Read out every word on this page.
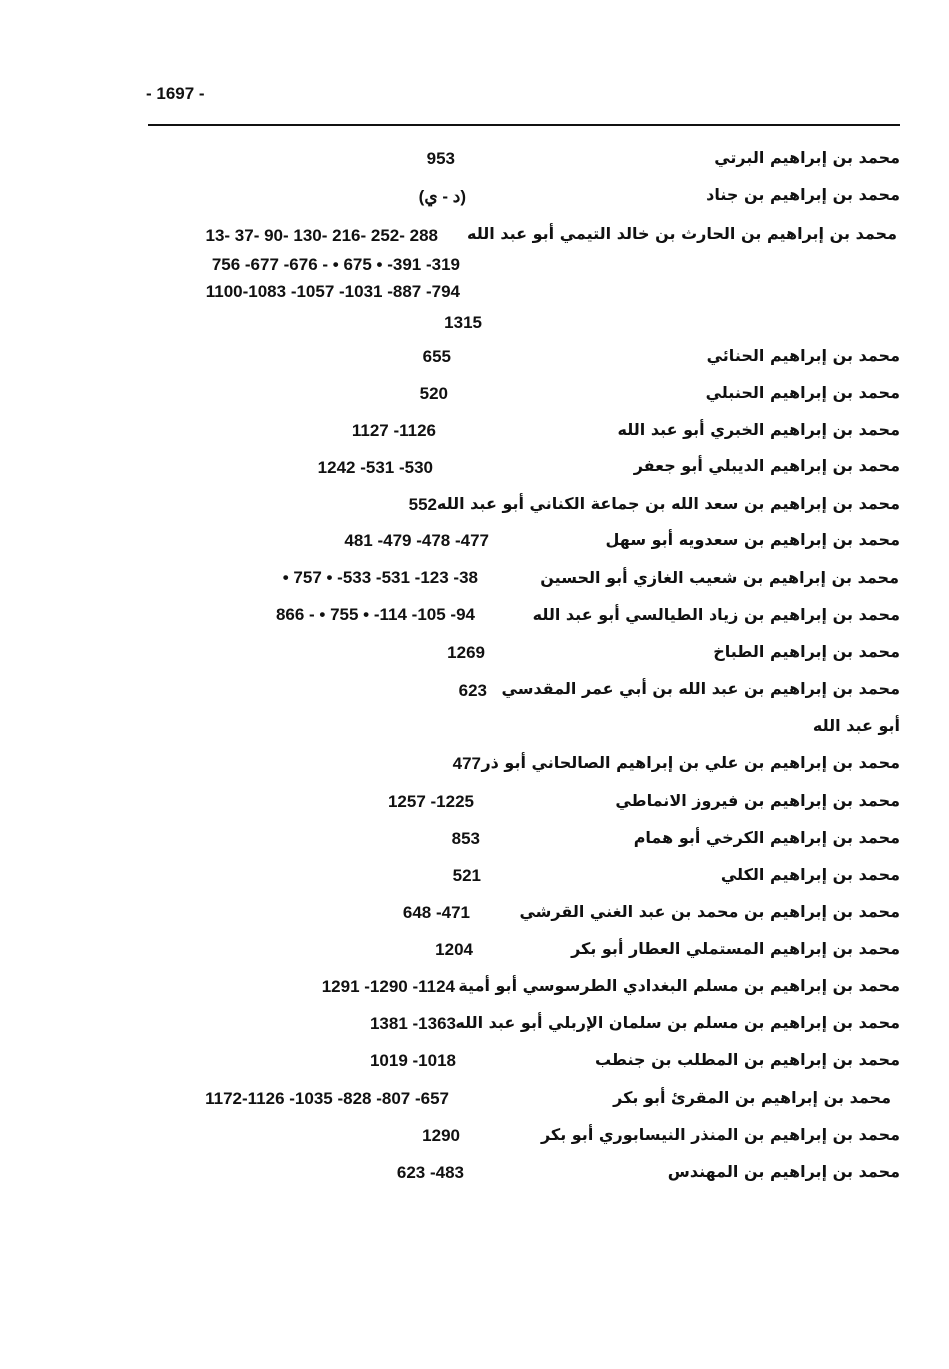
- 1697 -
محمد بن إبراهيم البرتي
953
محمد بن إبراهيم بن جناد
(د - ي)
محمد بن إبراهيم بن الحارث بن خالد التيمي أبو عبد الله
13- 37- 90- 130- 216- 252- 288
756 -677 -676 - • 675 • -391 -319
1100-1083 -1057 -1031 -887 -794
1315
محمد بن إبراهيم الحنائي
655
محمد بن إبراهيم الحنبلي
520
محمد بن إبراهيم الخبري أبو عبد الله
1127 -1126
محمد بن إبراهيم الديبلي أبو جعفر
1242 -531 -530
محمد بن إبراهيم بن سعد الله بن جماعة الكناني أبو عبد الله
552
محمد بن إبراهيم بن سعدويه أبو سهل
481 -479 -478 -477
محمد بن إبراهيم بن شعيب الغازي أبو الحسين
• 757 • -533 -531 -123 -38
محمد بن إبراهيم بن زياد الطيالسي أبو عبد الله
866 - • 755 • -114 -105 -94
محمد بن إبراهيم الطباخ
1269
محمد بن إبراهيم بن عبد الله بن أبي عمر المقدسي
623
أبو عبد الله
محمد بن إبراهيم بن علي بن إبراهيم الصالحاني أبو ذر
477
محمد بن إبراهيم بن فيروز الانماطي
1257 -1225
محمد بن إبراهيم الكرخي أبو همام
853
محمد بن إبراهيم الكلي
521
محمد بن إبراهيم بن محمد بن عبد الغني القرشي
648 -471
محمد بن إبراهيم المستملي العطار أبو بكر
1204
محمد بن إبراهيم بن مسلم البغدادي الطرسوسي أبو أمية
1291 -1290 -1124
محمد بن إبراهيم بن مسلم بن سلمان الإربلي أبو عبد الله
1381 -1363
محمد بن إبراهيم بن المطلب بن جنطب
1019 -1018
محمد بن إبراهيم بن المقرئ أبو بكر
1172-1126 -1035 -828 -807 -657
محمد بن إبراهيم بن المنذر النيسابوري أبو بكر
1290
محمد بن إبراهيم بن المهندس
623 -483
